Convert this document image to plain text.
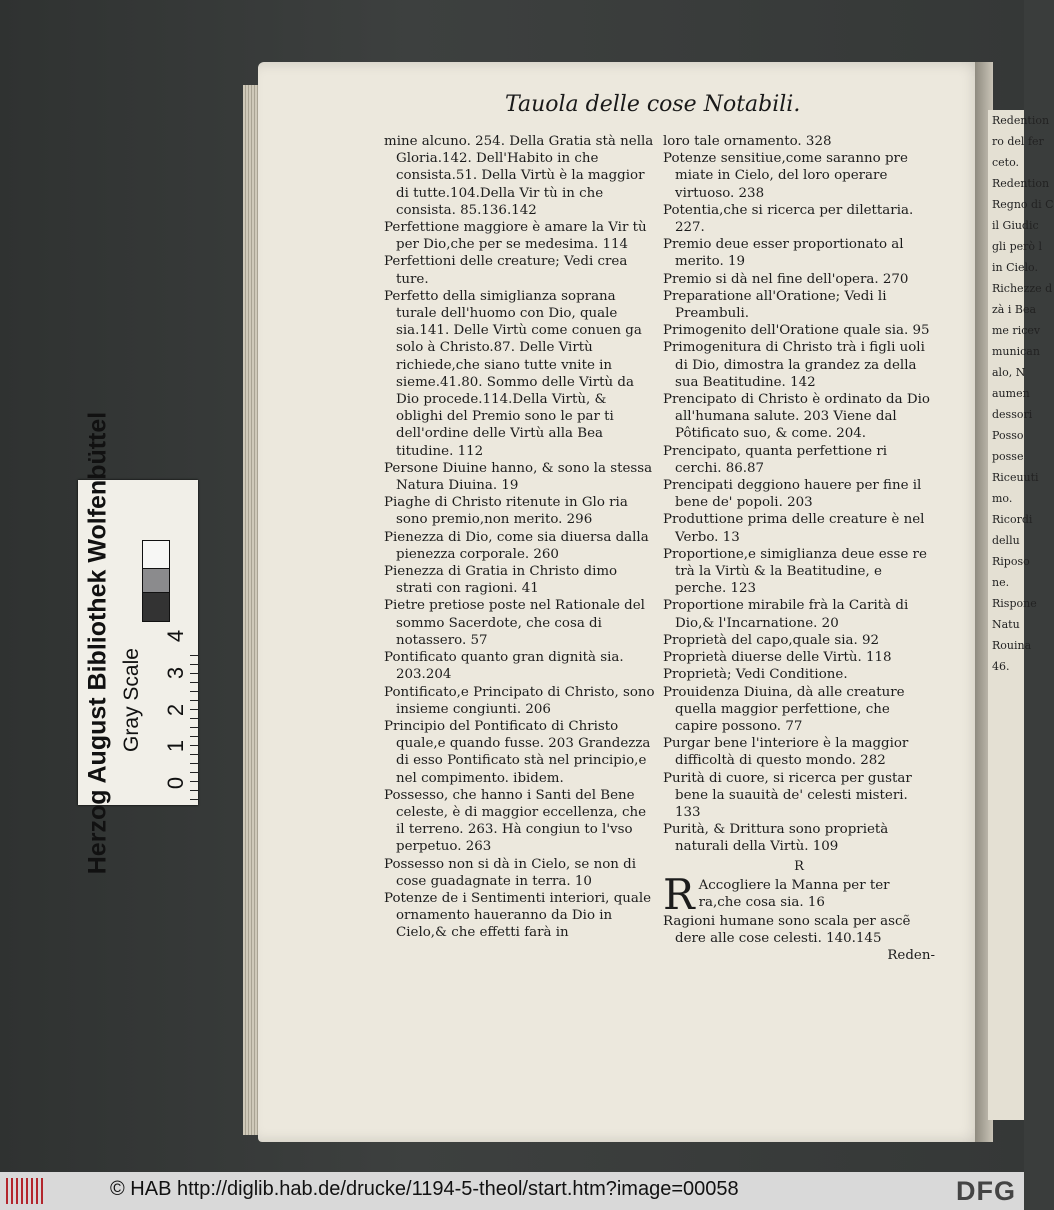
Herzog August Bibliothek Wolfenbüttel Gray Scale
0
1
2
3
4
Redention
ro del fer
ceto.
Redention
Regno di C
il Giudic
gli però l
in Cielo.
Richezze d
zà i Bea
me ricev
munican
alo, N
aumen
dessori
Posso
posse
Riceuuti
mo.
Ricordi
dellu
Riposo
ne.
Rispone
Natu
Rouina
46.
Tauola delle cose Notabili.

mine alcuno. 254. Della Gratia stà nella Gloria.142. Dell'Habito in che consista.51. Della Virtù è la maggior di tutte.104.Della Vir tù in che consista. 85.136.142

Perfettione maggiore è amare la Vir tù per Dio,che per se medesima. 114

Perfettioni delle creature; Vedi crea ture.

Perfetto della simiglianza soprana turale dell'huomo con Dio, quale sia.141. Delle Virtù come conuen ga solo à Christo.87. Delle Virtù richiede,che siano tutte vnite in sieme.41.80. Sommo delle Virtù da Dio procede.114.Della Virtù, & oblighi del Premio sono le par ti dell'ordine delle Virtù alla Bea titudine. 112

Persone Diuine hanno, & sono la stessa Natura Diuina. 19

Piaghe di Christo ritenute in Glo ria sono premio,non merito. 296

Pienezza di Dio, come sia diuersa dalla pienezza corporale. 260

Pienezza di Gratia in Christo dimo strati con ragioni. 41

Pietre pretiose poste nel Rationale del sommo Sacerdote, che cosa di notassero. 57

Pontificato quanto gran dignità sia. 203.204

Pontificato,e Principato di Christo, sono insieme congiunti. 206

Principio del Pontificato di Christo quale,e quando fusse. 203 Grandezza di esso Pontificato stà nel principio,e nel compimento. ibidem.

Possesso, che hanno i Santi del Bene celeste, è di maggior eccellenza, che il terreno. 263. Hà congiun to l'vso perpetuo. 263

Possesso non si dà in Cielo, se non di cose guadagnate in terra. 10

Potenze de i Sentimenti interiori, quale ornamento haueranno da Dio in Cielo,& che effetti farà in

loro tale ornamento. 328

Potenze sensitiue,come saranno pre miate in Cielo, del loro operare virtuoso. 238

Potentia,che si ricerca per dilettaria. 227.

Premio deue esser proportionato al merito. 19

Premio si dà nel fine dell'opera. 270

Preparatione all'Oratione; Vedi li Preambuli.

Primogenito dell'Oratione quale sia. 95

Primogenitura di Christo trà i figli uoli di Dio, dimostra la grandez za della sua Beatitudine. 142

Prencipato di Christo è ordinato da Dio all'humana salute. 203 Viene dal Pôtificato suo, & come. 204.

Prencipato, quanta perfettione ri cerchi. 86.87

Prencipati deggiono hauere per fine il bene de' popoli. 203

Produttione prima delle creature è nel Verbo. 13

Proportione,e simiglianza deue esse re trà la Virtù & la Beatitudine, e perche. 123

Proportione mirabile frà la Carità di Dio,& l'Incarnatione. 20

Proprietà del capo,quale sia. 92

Proprietà diuerse delle Virtù. 118

Proprietà; Vedi Conditione.

Prouidenza Diuina, dà alle creature quella maggior perfettione, che capire possono. 77

Purgar bene l'interiore è la maggior difficoltà di questo mondo. 282

Purità di cuore, si ricerca per gustar bene la suauità de' celesti misteri. 133

Purità, & Drittura sono proprietà naturali della Virtù. 109

R
R Accogliere la Manna per ter ra,che cosa sia. 16

Ragioni humane sono scala per ascẽ dere alle cose celesti. 140.145

Reden-
© HAB http://diglib.hab.de/drucke/1194-5-theol/start.htm?image=00058	DFG
